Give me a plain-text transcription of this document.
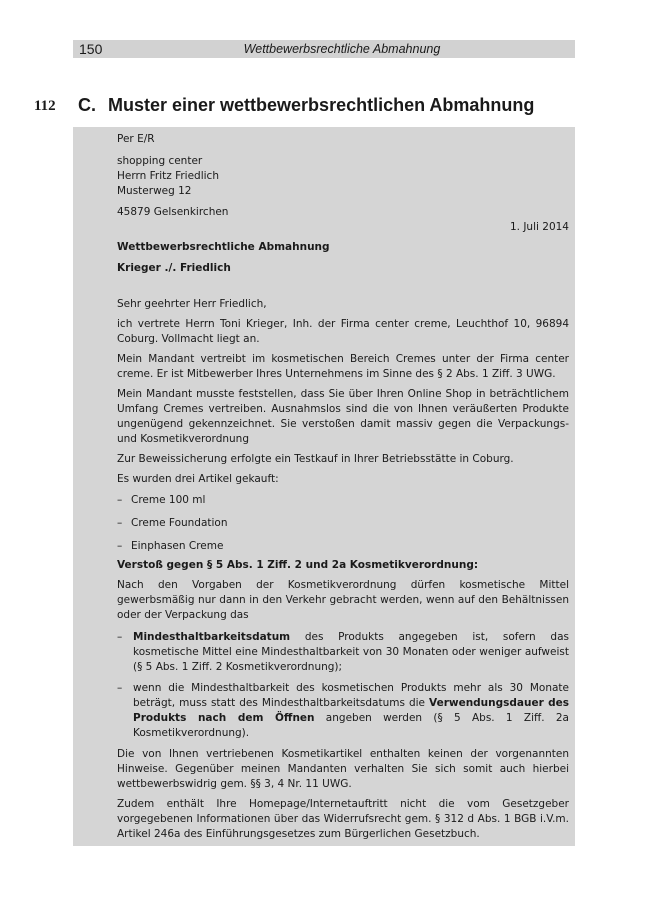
150	Wettbewerbsrechtliche Abmahnung
112 C. Muster einer wettbewerbsrechtlichen Abmahnung

Per E/R

shopping center

Herrn Fritz Friedlich

Musterweg 12

45879 Gelsenkirchen

1. Juli 2014

Wettbewerbsrechtliche Abmahnung

Krieger ./. Friedlich

Sehr geehrter Herr Friedlich,

ich vertrete Herrn Toni Krieger, Inh. der Firma center creme, Leuchthof 10, 96894 Coburg. Vollmacht liegt an.

Mein Mandant vertreibt im kosmetischen Bereich Cremes unter der Firma center creme. Er ist Mitbewerber Ihres Unternehmens im Sinne des § 2 Abs. 1 Ziff. 3 UWG.

Mein Mandant musste feststellen, dass Sie über Ihren Online Shop in beträchtlichem Umfang Cremes vertreiben. Ausnahmslos sind die von Ihnen veräußerten Produkte ungenügend gekennzeichnet. Sie verstoßen damit massiv gegen die Verpackungs- und Kosmetikverordnung

Zur Beweissicherung erfolgte ein Testkauf in Ihrer Betriebsstätte in Coburg.

Es wurden drei Artikel gekauft:

– Creme 100 ml

– Creme Foundation

– Einphasen Creme

Verstoß gegen § 5 Abs. 1 Ziff. 2 und 2a Kosmetikverordnung:

Nach den Vorgaben der Kosmetikverordnung dürfen kosmetische Mittel gewerbsmäßig nur dann in den Verkehr gebracht werden, wenn auf den Behältnissen oder der Verpackung das

– Mindesthaltbarkeitsdatum des Produkts angegeben ist, sofern das kosmetische Mittel eine Mindesthaltbarkeit von 30 Monaten oder weniger aufweist (§ 5 Abs. 1 Ziff. 2 Kosmetikverordnung);

– wenn die Mindesthaltbarkeit des kosmetischen Produkts mehr als 30 Monate beträgt, muss statt des Mindesthaltbarkeitsdatums die Verwendungsdauer des Produkts nach dem Öffnen angeben werden (§ 5 Abs. 1 Ziff. 2a Kosmetikverordnung).

Die von Ihnen vertriebenen Kosmetikartikel enthalten keinen der vorgenannten Hinweise. Gegenüber meinen Mandanten verhalten Sie sich somit auch hierbei wettbewerbswidrig gem. §§ 3, 4 Nr. 11 UWG.

Zudem enthält Ihre Homepage/Internetauftritt nicht die vom Gesetzgeber vorgegebenen Informationen über das Widerrufsrecht gem. § 312 d Abs. 1 BGB i.V.m. Artikel 246a des Einführungsgesetzes zum Bürgerlichen Gesetzbuch.
